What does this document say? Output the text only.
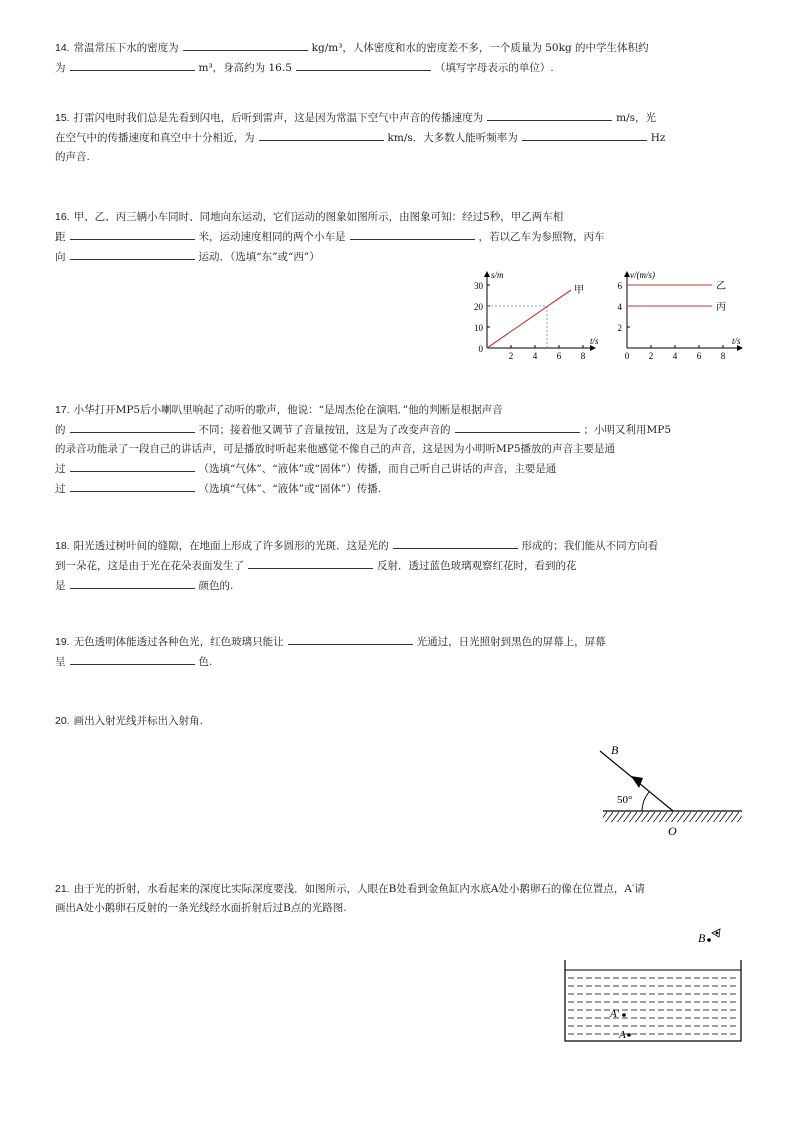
14. 常温常压下水的密度为	kg/m³，人体密度和水的密度差不多，一个质量为 50kg 的中学生体积约
为	m³，身高约为 16.5	（填写字母表示的单位）.
15. 打雷闪电时我们总是先看到闪电，后听到雷声，这是因为常温下空气中声音的传播速度为	m/s，光
在空气中的传播速度和真空中十分相近，为	km/s．大多数人能听频率为	Hz
的声音.
16. 甲、乙、丙三辆小车同时、同地向东运动，它们运动的图象如图所示，由图象可知：经过5秒，甲乙两车相
距	米，运动速度相同的两个小车是	，若以乙车为参照物，丙车
向	运动．（选填“东”或“西”）
甲
s/m
t/s
0
10
20
30
2 4 6 8
乙
丙
v/(m/s)
t/s
2
4
6
0 2 4 6 8
17. 小华打开MP5后小喇叭里响起了动听的歌声，他说：“是周杰伦在演唱．”他的判断是根据声音
的	不同；接着他又调节了音量按钮，这是为了改变声音的	；小明又利用MP5
的录音功能录了一段自己的讲话声，可是播放时听起来他感觉不像自己的声音，这是因为小明听MP5播放的声音主要是通
过	（选填“气体”、“液体”或“固体”）传播，而自己听自己讲话的声音，主要是通
过	（选填“气体”、“液体”或“固体”）传播.
18. 阳光透过树叶间的缝隙，在地面上形成了许多圆形的光斑．这是光的	形成的；我们能从不同方向看
到一朵花，这是由于光在花朵表面发生了	反射．透过蓝色玻璃观察红花时，看到的花
是	颜色的.
19. 无色透明体能透过各种色光，红色玻璃只能让	光通过，日光照射到黑色的屏幕上，屏幕
呈	色.
20. 画出入射光线并标出入射角.
B
50°
O
21. 由于光的折射，水看起来的深度比实际深度要浅．如图所示，人眼在B处看到金鱼缸内水底A处小鹅卵石的像在位置点，A′请
画出A处小鹅卵石反射的一条光线经水面折射后过B点的光路图.
B
A′
A
